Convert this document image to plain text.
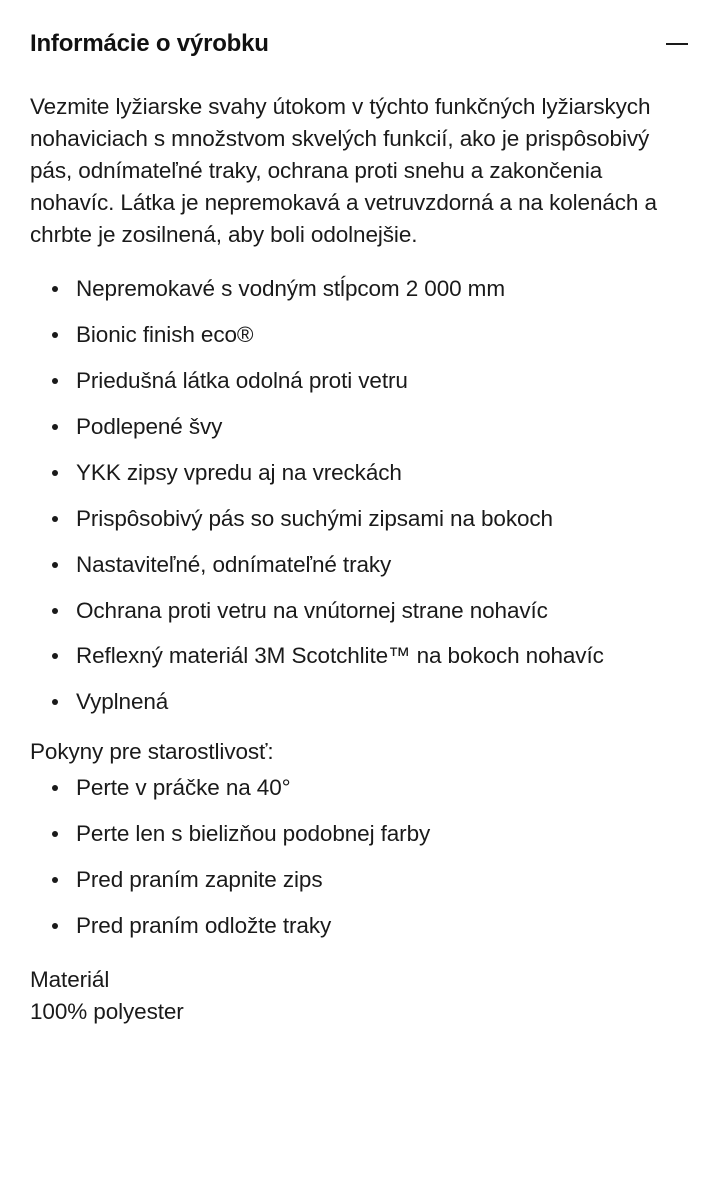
Informácie o výrobku

Vezmite lyžiarske svahy útokom v týchto funkčných lyžiarskych nohaviciach s množstvom skvelých funkcií, ako je prispôsobivý pás, odnímateľné traky, ochrana proti snehu a zakončenia nohavíc. Látka je nepremokavá a vetruvzdorná a na kolenách a chrbte je zosilnená, aby boli odolnejšie.

Nepremokavé s vodným stĺpcom 2 000 mm
Bionic finish eco®
Priedušná látka odolná proti vetru
Podlepené švy
YKK zipsy vpredu aj na vreckách
Prispôsobivý pás so suchými zipsami na bokoch
Nastaviteľné, odnímateľné traky
Ochrana proti vetru na vnútornej strane nohavíc
Reflexný materiál 3M Scotchlite™ na bokoch nohavíc
Vyplnená
Pokyny pre starostlivosť:
Perte v práčke na 40°
Perte len s bielizňou podobnej farby
Pred praním zapnite zips
Pred praním odložte traky
Materiál
100% polyester
